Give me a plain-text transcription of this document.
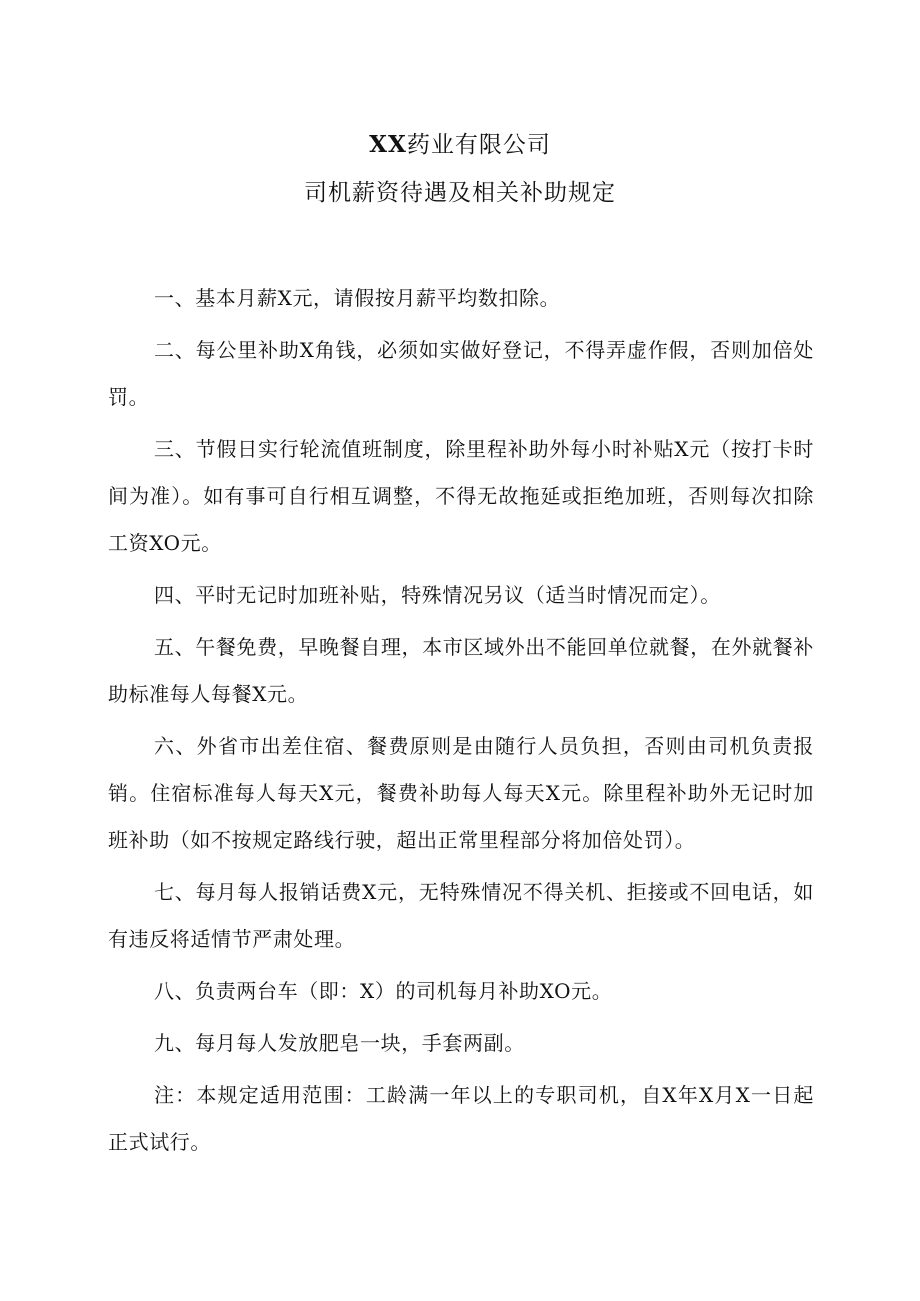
XX药业有限公司
司机薪资待遇及相关补助规定

一、基本月薪X元，请假按月薪平均数扣除。

二、每公里补助X角钱，必须如实做好登记，不得弄虚作假，否则加倍处罚。

三、节假日实行轮流值班制度，除里程补助外每小时补贴X元（按打卡时间为准）。如有事可自行相互调整，不得无故拖延或拒绝加班，否则每次扣除工资XO元。

四、平时无记时加班补贴，特殊情况另议（适当时情况而定）。

五、午餐免费，早晚餐自理，本市区域外出不能回单位就餐，在外就餐补助标准每人每餐X元。

六、外省市出差住宿、餐费原则是由随行人员负担，否则由司机负责报销。住宿标准每人每天X元，餐费补助每人每天X元。除里程补助外无记时加班补助（如不按规定路线行驶，超出正常里程部分将加倍处罚）。

七、每月每人报销话费X元，无特殊情况不得关机、拒接或不回电话，如有违反将适情节严肃处理。

八、负责两台车（即：X）的司机每月补助XO元。

九、每月每人发放肥皂一块，手套两副。

注：本规定适用范围：工龄满一年以上的专职司机，自X年X月X一日起正式试行。
